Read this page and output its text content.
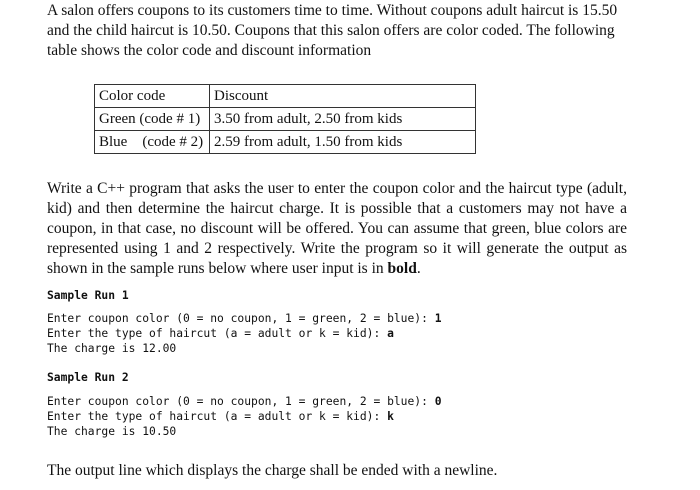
A salon offers coupons to its customers time to time. Without coupons adult haircut is 15.50 and the child haircut is 10.50. Coupons that this salon offers are color coded. The following table shows the color code and discount information

Color code	Discount
Green (code # 1)	3.50 from adult, 2.50 from kids
Blue    (code # 2)	2.59 from adult, 1.50 from kids

Write a C++ program that asks the user to enter the coupon color and the haircut type (adult, kid) and then determine the haircut charge. It is possible that a customers may not have a coupon, in that case, no discount will be offered. You can assume that green, blue colors are represented using 1 and 2 respectively. Write the program so it will generate the output as shown in the sample runs below where user input is in bold.

Sample Run 1
Enter coupon color (0 = no coupon, 1 = green, 2 = blue): 1
Enter the type of haircut (a = adult or k = kid): a
The charge is 12.00
Sample Run 2
Enter coupon color (0 = no coupon, 1 = green, 2 = blue): 0
Enter the type of haircut (a = adult or k = kid): k
The charge is 10.50

The output line which displays the charge shall be ended with a newline.
